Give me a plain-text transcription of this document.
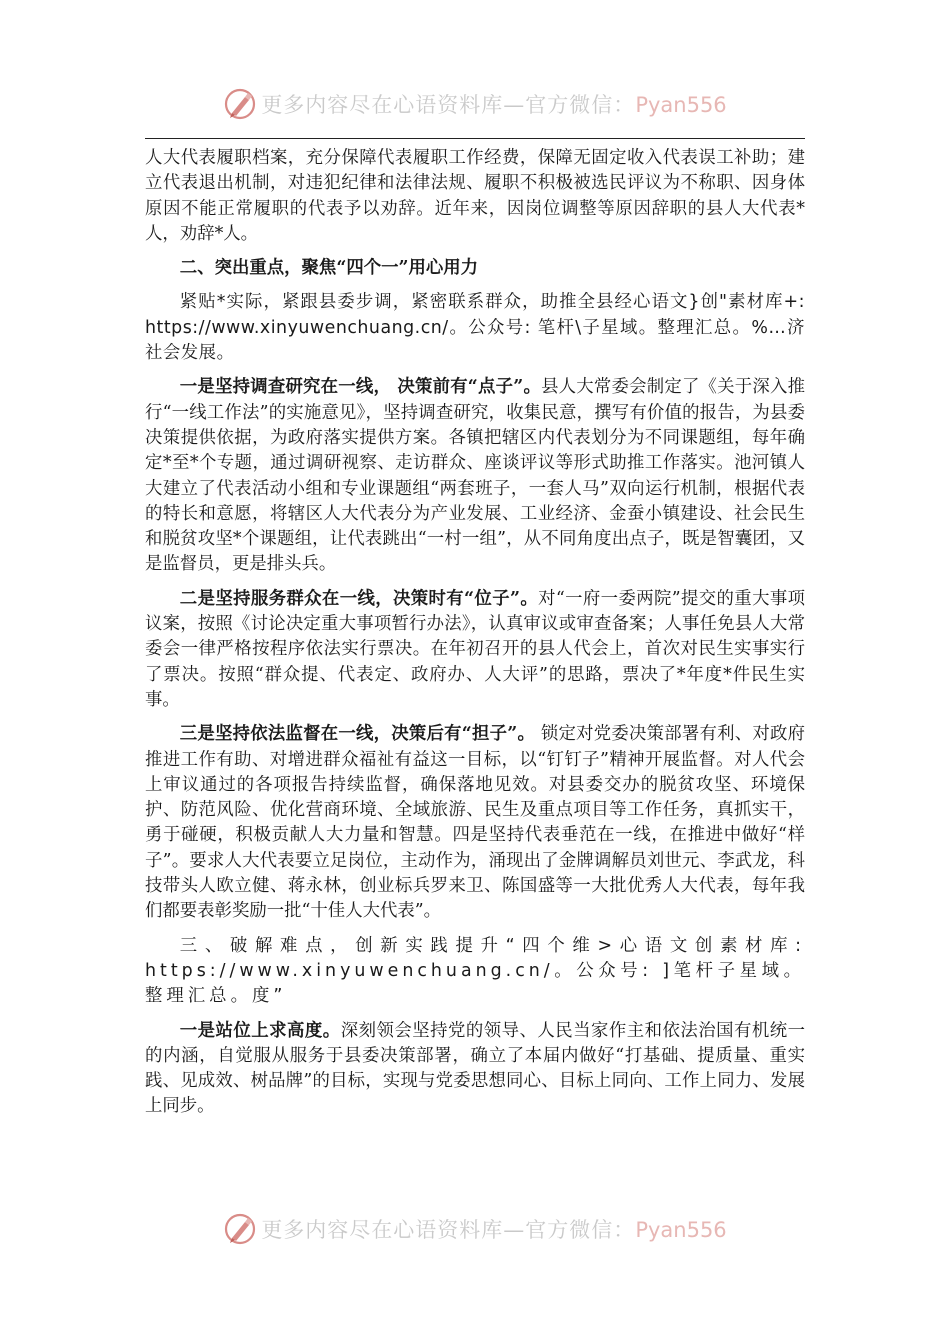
更多内容尽在心语资料库—官方微信：Pyan556

人大代表履职档案，充分保障代表履职工作经费，保障无固定收入代表误工补助；建立代表退出机制，对违犯纪律和法律法规、履职不积极被选民评议为不称职、因身体原因不能正常履职的代表予以劝辞。近年来，因岗位调整等原因辞职的县人大代表*人，劝辞*人。

二、突出重点，聚焦“四个一”用心用力

紧贴*实际，紧跟县委步调，紧密联系群众，助推全县经心语文}创"素材库+: https://www.xinyuwenchuang.cn/。公众号: 笔杆\子星域。整理汇总。%…济社会发展。

一是坚持调查研究在一线， 决策前有“点子”。县人大常委会制定了《关于深入推行“一线工作法”的实施意见》，坚持调查研究，收集民意，撰写有价值的报告，为县委决策提供依据，为政府落实提供方案。各镇把辖区内代表划分为不同课题组，每年确定*至*个专题，通过调研视察、走访群众、座谈评议等形式助推工作落实。池河镇人大建立了代表活动小组和专业课题组“两套班子，一套人马”双向运行机制，根据代表的特长和意愿，将辖区人大代表分为产业发展、工业经济、金蚕小镇建设、社会民生和脱贫攻坚*个课题组，让代表跳出“一村一组”，从不同角度出点子，既是智囊团，又是监督员，更是排头兵。

二是坚持服务群众在一线，决策时有“位子”。对“一府一委两院”提交的重大事项议案，按照《讨论决定重大事项暂行办法》，认真审议或审查备案；人事任免县人大常委会一律严格按程序依法实行票决。在年初召开的县人代会上，首次对民生实事实行了票决。按照“群众提、代表定、政府办、人大评”的思路，票决了*年度*件民生实事。

三是坚持依法监督在一线，决策后有“担子”。 锁定对党委决策部署有利、对政府推进工作有助、对增进群众福祉有益这一目标，以“钉钉子”精神开展监督。对人代会上审议通过的各项报告持续监督，确保落地见效。对县委交办的脱贫攻坚、环境保护、防范风险、优化营商环境、全域旅游、民生及重点项目等工作任务，真抓实干，勇于碰硬，积极贡献人大力量和智慧。四是坚持代表垂范在一线，在推进中做好“样子”。要求人大代表要立足岗位，主动作为，涌现出了金牌调解员刘世元、李武龙，科技带头人欧立健、蒋永林，创业标兵罗来卫、陈国盛等一大批优秀人大代表，每年我们都要表彰奖励一批“十佳人大代表”。

三、破解难点，创新实践提升“四个维>心语文创素材库: https://www.xinyuwenchuang.cn/。公众号: ]笔杆子星域。整理汇总。度”

一是站位上求高度。深刻领会坚持党的领导、人民当家作主和依法治国有机统一的内涵，自觉服从服务于县委决策部署，确立了本届内做好“打基础、提质量、重实践、见成效、树品牌”的目标，实现与党委思想同心、目标上同向、工作上同力、发展上同步。

更多内容尽在心语资料库—官方微信：Pyan556
